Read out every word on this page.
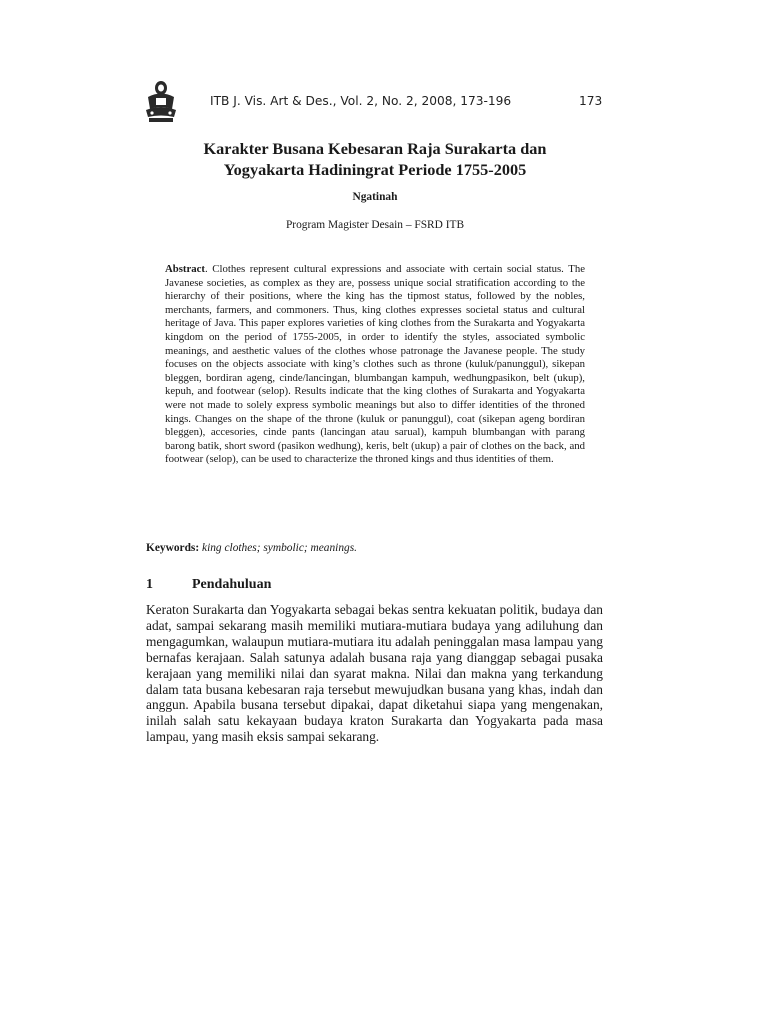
ITB J. Vis. Art & Des., Vol. 2, No. 2, 2008, 173-196	173
Karakter Busana Kebesaran Raja Surakarta dan
Yogyakarta Hadiningrat Periode 1755-2005
Ngatinah
Program Magister Desain – FSRD ITB

Abstract. Clothes represent cultural expressions and associate with certain social status. The Javanese societies, as complex as they are, possess unique social stratification according to the hierarchy of their positions, where the king has the tipmost status, followed by the nobles, merchants, farmers, and commoners. Thus, king clothes expresses societal status and cultural heritage of Java. This paper explores varieties of king clothes from the Surakarta and Yogyakarta kingdom on the period of 1755-2005, in order to identify the styles, associated symbolic meanings, and aesthetic values of the clothes whose patronage the Javanese people. The study focuses on the objects associate with king’s clothes such as throne (kuluk/panunggul), sikepan bleggen, bordiran ageng, cinde/lancingan, blumbangan kampuh, wedhungpasikon, belt (ukup), kepuh, and footwear (selop). Results indicate that the king clothes of Surakarta and Yogyakarta were not made to solely express symbolic meanings but also to differ identities of the throned kings. Changes on the shape of the throne (kuluk or panunggul), coat (sikepan ageng bordiran bleggen), accesories, cinde pants (lancingan atau sarual), kampuh blumbangan with parang barong batik, short sword (pasikon wedhung), keris, belt (ukup) a pair of clothes on the back, and footwear (selop), can be used to characterize the throned kings and thus identities of them.

Keywords: king clothes; symbolic; meanings.

1	Pendahuluan

Keraton Surakarta dan Yogyakarta sebagai bekas sentra kekuatan politik, budaya dan adat, sampai sekarang masih memiliki mutiara-mutiara budaya yang adiluhung dan mengagumkan, walaupun mutiara-mutiara itu adalah peninggalan masa lampau yang bernafas kerajaan. Salah satunya adalah busana raja yang dianggap sebagai pusaka kerajaan yang memiliki nilai dan syarat makna. Nilai dan makna yang terkandung dalam tata busana kebesaran raja tersebut mewujudkan busana yang khas, indah dan anggun. Apabila busana tersebut dipakai, dapat diketahui siapa yang mengenakan, inilah salah satu kekayaan budaya kraton Surakarta dan Yogyakarta pada masa lampau, yang masih eksis sampai sekarang.
